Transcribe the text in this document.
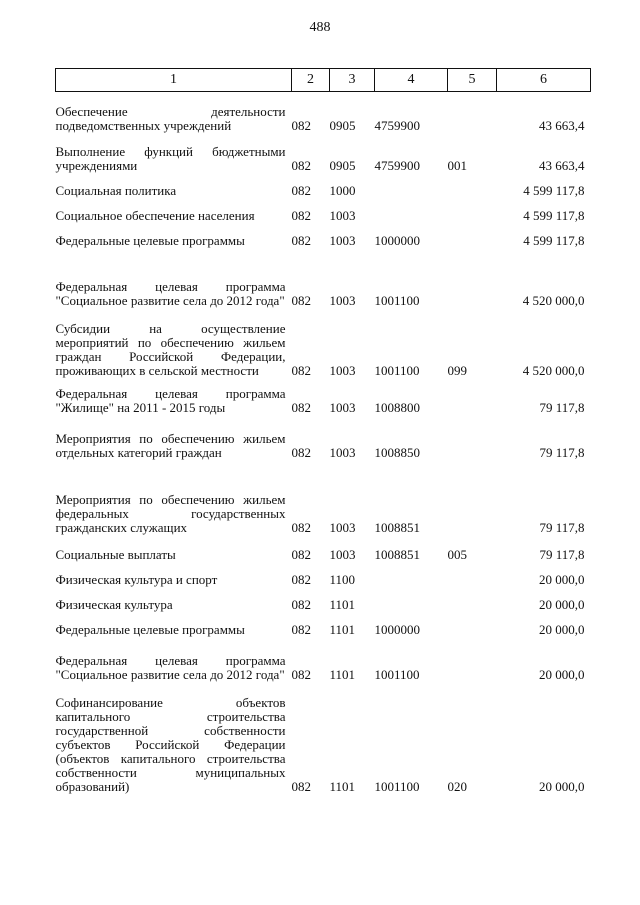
488
1	2	3	4	5	6
Обеспечение деятельности подведомственных учреждений	082	0905	4759900		43 663,4
Выполнение функций бюджетными учреждениями	082	0905	4759900	001	43 663,4
Социальная политика	082	1000			4 599 117,8
Социальное обеспечение населения	082	1003			4 599 117,8
Федеральные целевые программы	082	1003	1000000		4 599 117,8
Федеральная целевая программа "Социальное развитие села до 2012 года"	082	1003	1001100		4 520 000,0
Субсидии на осуществление мероприятий по обеспечению жильем граждан Российской Федерации, проживающих в сельской местности	082	1003	1001100	099	4 520 000,0
Федеральная целевая программа "Жилище" на 2011 - 2015 годы	082	1003	1008800		79 117,8
Мероприятия по обеспечению жильем отдельных категорий граждан	082	1003	1008850		79 117,8
Мероприятия по обеспечению жильем федеральных государственных гражданских служащих	082	1003	1008851		79 117,8
Социальные выплаты	082	1003	1008851	005	79 117,8
Физическая культура и спорт	082	1100			20 000,0
Физическая культура	082	1101			20 000,0
Федеральные целевые программы	082	1101	1000000		20 000,0
Федеральная целевая программа "Социальное развитие села до 2012 года"	082	1101	1001100		20 000,0
Софинансирование объектов капитального строительства государственной собственности субъектов Российской Федерации (объектов капитального строительства собственности муниципальных образований)	082	1101	1001100	020	20 000,0
